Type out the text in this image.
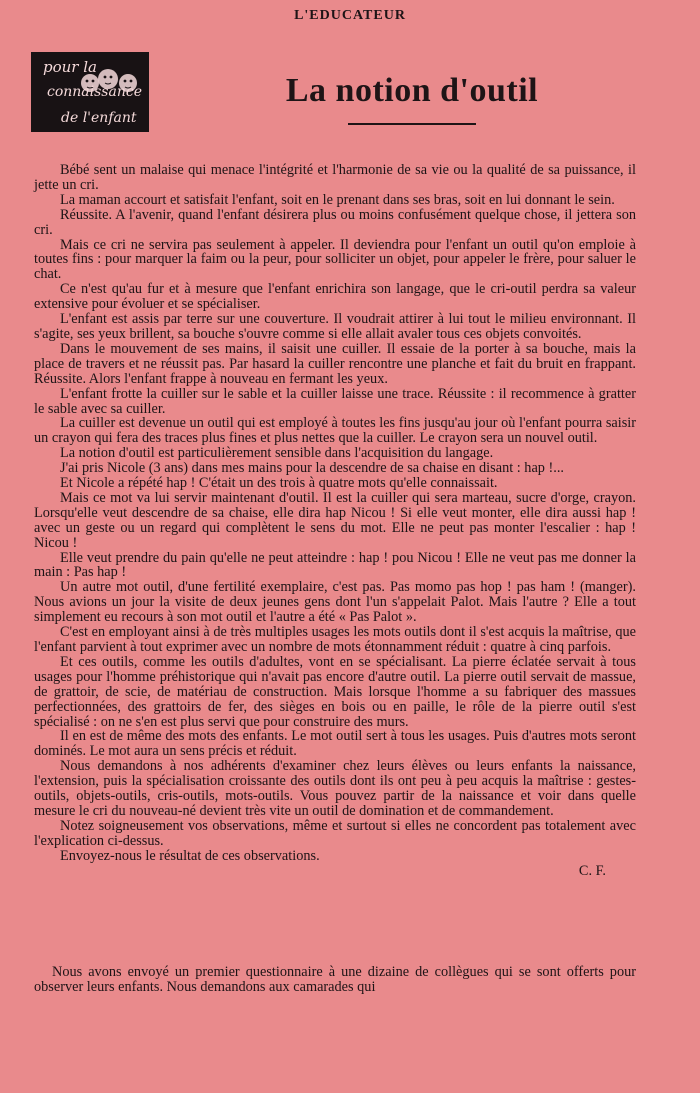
L'EDUCATEUR
pour la
connaissance
de l'enfant
La notion d'outil

Bébé sent un malaise qui menace l'intégrité et l'harmonie de sa vie ou la qualité de sa puissance, il jette un cri.

La maman accourt et satisfait l'enfant, soit en le prenant dans ses bras, soit en lui donnant le sein.

Réussite. A l'avenir, quand l'enfant désirera plus ou moins confusément quelque chose, il jettera son cri.

Mais ce cri ne servira pas seulement à appeler. Il deviendra pour l'enfant un outil qu'on emploie à toutes fins : pour marquer la faim ou la peur, pour solliciter un objet, pour appeler le frère, pour saluer le chat.

Ce n'est qu'au fur et à mesure que l'enfant enrichira son langage, que le cri-outil perdra sa valeur extensive pour évoluer et se spécialiser.

L'enfant est assis par terre sur une couverture. Il voudrait attirer à lui tout le milieu environnant. Il s'agite, ses yeux brillent, sa bouche s'ouvre comme si elle allait avaler tous ces objets convoités.

Dans le mouvement de ses mains, il saisit une cuiller. Il essaie de la porter à sa bouche, mais la place de travers et ne réussit pas. Par hasard la cuiller rencontre une planche et fait du bruit en frappant. Réussite. Alors l'enfant frappe à nouveau en fermant les yeux.

L'enfant frotte la cuiller sur le sable et la cuiller laisse une trace. Réussite : il recommence à gratter le sable avec sa cuiller.

La cuiller est devenue un outil qui est employé à toutes les fins jusqu'au jour où l'enfant pourra saisir un crayon qui fera des traces plus fines et plus nettes que la cuiller. Le crayon sera un nouvel outil.

La notion d'outil est particulièrement sensible dans l'acquisition du langage.

J'ai pris Nicole (3 ans) dans mes mains pour la descendre de sa chaise en disant : hap !...

Et Nicole a répété hap ! C'était un des trois à quatre mots qu'elle connaissait.

Mais ce mot va lui servir maintenant d'outil. Il est la cuiller qui sera marteau, sucre d'orge, crayon. Lorsqu'elle veut descendre de sa chaise, elle dira hap Nicou ! Si elle veut monter, elle dira aussi hap ! avec un geste ou un regard qui complètent le sens du mot. Elle ne peut pas monter l'escalier : hap ! Nicou !

Elle veut prendre du pain qu'elle ne peut atteindre : hap ! pou Nicou ! Elle ne veut pas me donner la main : Pas hap !

Un autre mot outil, d'une fertilité exemplaire, c'est pas. Pas momo pas hop ! pas ham ! (manger). Nous avions un jour la visite de deux jeunes gens dont l'un s'appelait Palot. Mais l'autre ? Elle a tout simplement eu recours à son mot outil et l'autre a été « Pas Palot ».

C'est en employant ainsi à de très multiples usages les mots outils dont il s'est acquis la maîtrise, que l'enfant parvient à tout exprimer avec un nombre de mots étonnamment réduit : quatre à cinq parfois.

Et ces outils, comme les outils d'adultes, vont en se spécialisant. La pierre éclatée servait à tous usages pour l'homme préhistorique qui n'avait pas encore d'autre outil. La pierre outil servait de massue, de grattoir, de scie, de matériau de construction. Mais lorsque l'homme a su fabriquer des massues perfectionnées, des grattoirs de fer, des sièges en bois ou en paille, le rôle de la pierre outil s'est spécialisé : on ne s'en est plus servi que pour construire des murs.

Il en est de même des mots des enfants. Le mot outil sert à tous les usages. Puis d'autres mots seront dominés. Le mot aura un sens précis et réduit.

Nous demandons à nos adhérents d'examiner chez leurs élèves ou leurs enfants la naissance, l'extension, puis la spécialisation croissante des outils dont ils ont peu à peu acquis la maîtrise : gestes-outils, objets-outils, cris-outils, mots-outils. Vous pouvez partir de la naissance et voir dans quelle mesure le cri du nouveau-né devient très vite un outil de domination et de commandement.

Notez soigneusement vos observations, même et surtout si elles ne concordent pas totalement avec l'explication ci-dessus.

Envoyez-nous le résultat de ces observations.

C. F.

Nous avons envoyé un premier questionnaire à une dizaine de collègues qui se sont offerts pour observer leurs enfants. Nous demandons aux camarades qui
